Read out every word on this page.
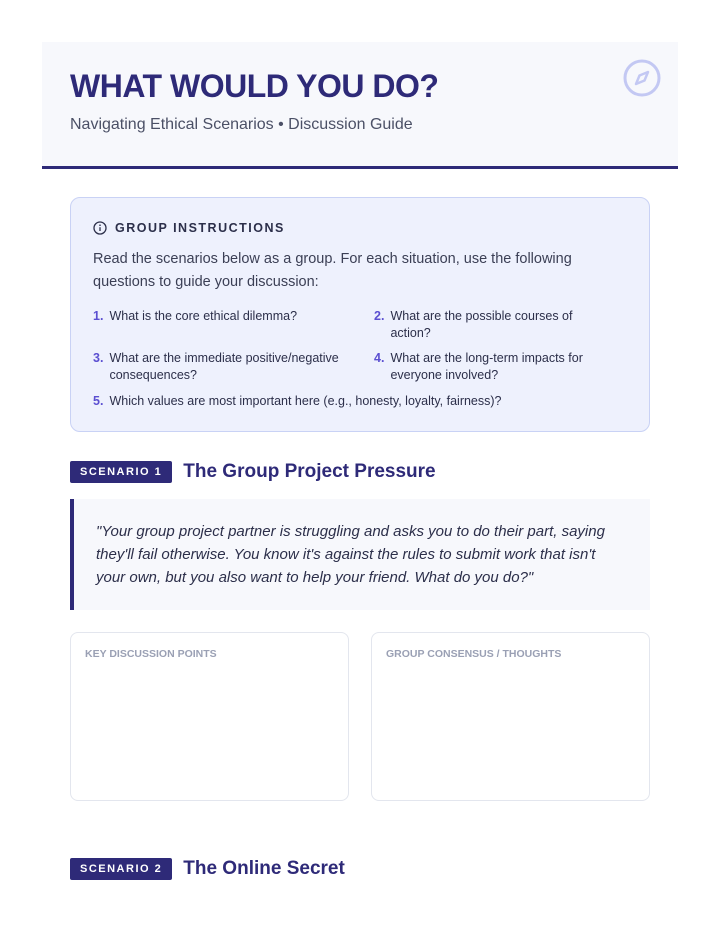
WHAT WOULD YOU DO?
Navigating Ethical Scenarios • Discussion Guide
GROUP INSTRUCTIONS
Read the scenarios below as a group. For each situation, use the following questions to guide your discussion:
1. What is the core ethical dilemma?	2. What are the possible courses of action?
3. What are the immediate positive/negative consequences?
4. What are the long-term impacts for everyone involved?
5. Which values are most important here (e.g., honesty, loyalty, fairness)?
SCENARIO 1	The Group Project Pressure
"Your group project partner is struggling and asks you to do their part, saying they'll fail otherwise. You know it's against the rules to submit work that isn't your own, but you also want to help your friend. What do you do?"
KEY DISCUSSION POINTS	GROUP CONSENSUS / THOUGHTS
SCENARIO 2	The Online Secret
